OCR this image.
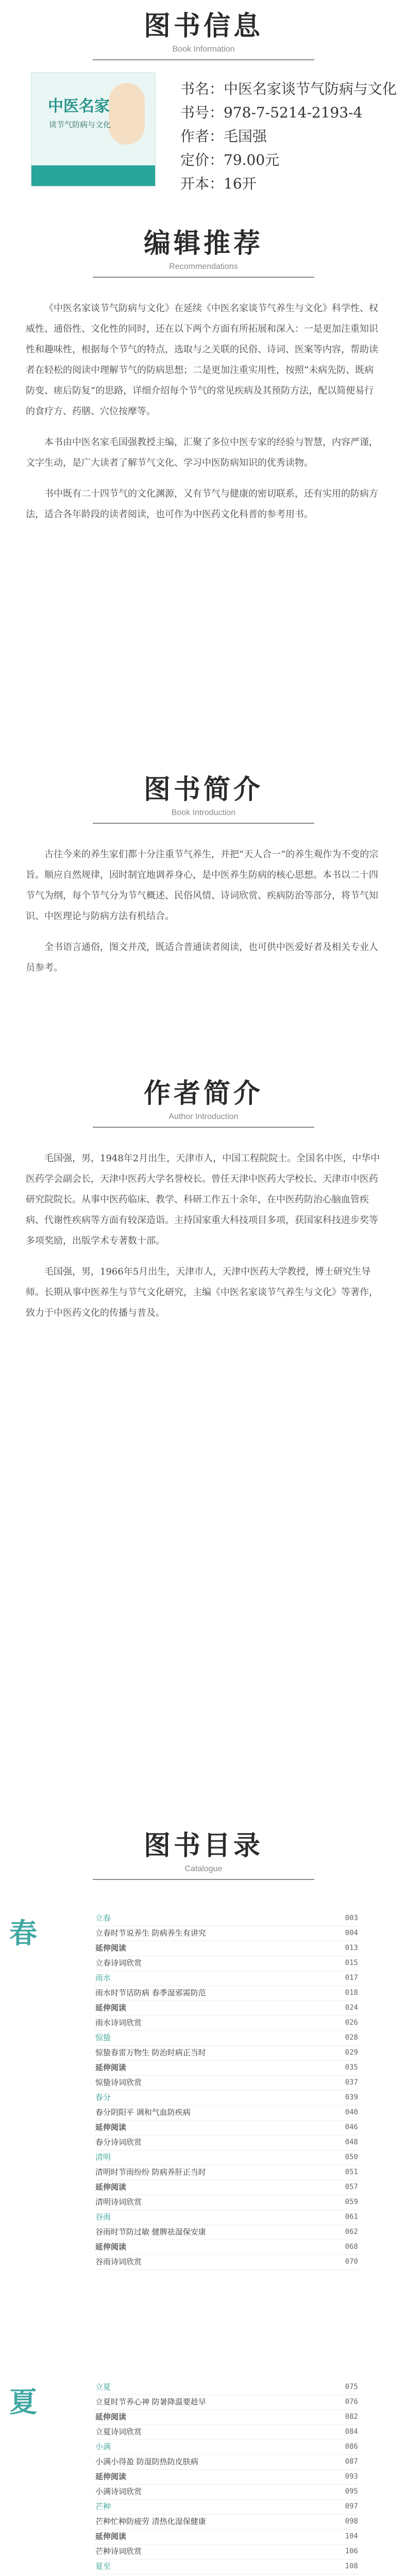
图书信息
Book Information
中医名家
谈节气防病与文化
书名：中医名家谈节气防病与文化
书号：978-7-5214-2193-4
作者：毛国强
定价：79.00元
开本：16开
编辑推荐
Recommendations

《中医名家谈节气防病与文化》在延续《中医名家谈节气养生与文化》科学性、权威性、通俗性、文化性的同时，还在以下两个方面有所拓展和深入：一是更加注重知识性和趣味性，根据每个节气的特点，选取与之关联的民俗、诗词、医案等内容，帮助读者在轻松的阅读中理解节气的防病思想；二是更加注重实用性，按照“未病先防、既病防变、瘥后防复”的思路，详细介绍每个节气的常见疾病及其预防方法，配以简便易行的食疗方、药膳、穴位按摩等。

本书由中医名家毛国强教授主编，汇聚了多位中医专家的经验与智慧，内容严谨，文字生动，是广大读者了解节气文化、学习中医防病知识的优秀读物。

书中既有二十四节气的文化渊源，又有节气与健康的密切联系，还有实用的防病方法，适合各年龄段的读者阅读，也可作为中医药文化科普的参考用书。

图书简介
Book Introduction

古往今来的养生家们都十分注重节气养生，并把“天人合一”的养生观作为不变的宗旨。顺应自然规律，因时制宜地调养身心，是中医养生防病的核心思想。本书以二十四节气为纲，每个节气分为节气概述、民俗风情、诗词欣赏、疾病防治等部分，将节气知识、中医理论与防病方法有机结合。

全书语言通俗，图文并茂，既适合普通读者阅读，也可供中医爱好者及相关专业人员参考。

作者简介
Author Introduction

毛国强，男，1948年2月出生，天津市人，中国工程院院士。全国名中医，中华中医药学会副会长，天津中医药大学名誉校长。曾任天津中医药大学校长、天津市中医药研究院院长。从事中医药临床、教学、科研工作五十余年，在中医药防治心脑血管疾病、代谢性疾病等方面有较深造诣。主持国家重大科技项目多项，获国家科技进步奖等多项奖励，出版学术专著数十部。

毛国强，男，1966年5月出生，天津市人，天津中医药大学教授，博士研究生导师。长期从事中医养生与节气文化研究，主编《中医名家谈节气养生与文化》等著作，致力于中医药文化的传播与普及。

图书目录
Catalogue
春	立春	003
立春时节说养生 防病养生有讲究	004
延伸阅读	013
立春诗词欣赏	015
雨水	017
雨水时节话防病 春季湿邪需防范	018
延伸阅读	024
雨水诗词欣赏	026
惊蛰	028
惊蛰春雷万物生 防治时病正当时	029
延伸阅读	035
惊蛰诗词欣赏	037
春分	039
春分阴阳平 调和气血防疾病	040
延伸阅读	046
春分诗词欣赏	048
清明	050
清明时节雨纷纷 防病养肝正当时	051
延伸阅读	057
清明诗词欣赏	059
谷雨	061
谷雨时节防过敏 健脾祛湿保安康	062
延伸阅读	068
谷雨诗词欣赏	070
夏	立夏	075
立夏时节养心神 防暑降温要趁早	076
延伸阅读	082
立夏诗词欣赏	084
小满	086
小满小得盈 防湿防热防皮肤病	087
延伸阅读	093
小满诗词欣赏	095
芒种	097
芒种忙种防疲劳 清热化湿保健康	098
延伸阅读	104
芒种诗词欣赏	106
夏至	108
